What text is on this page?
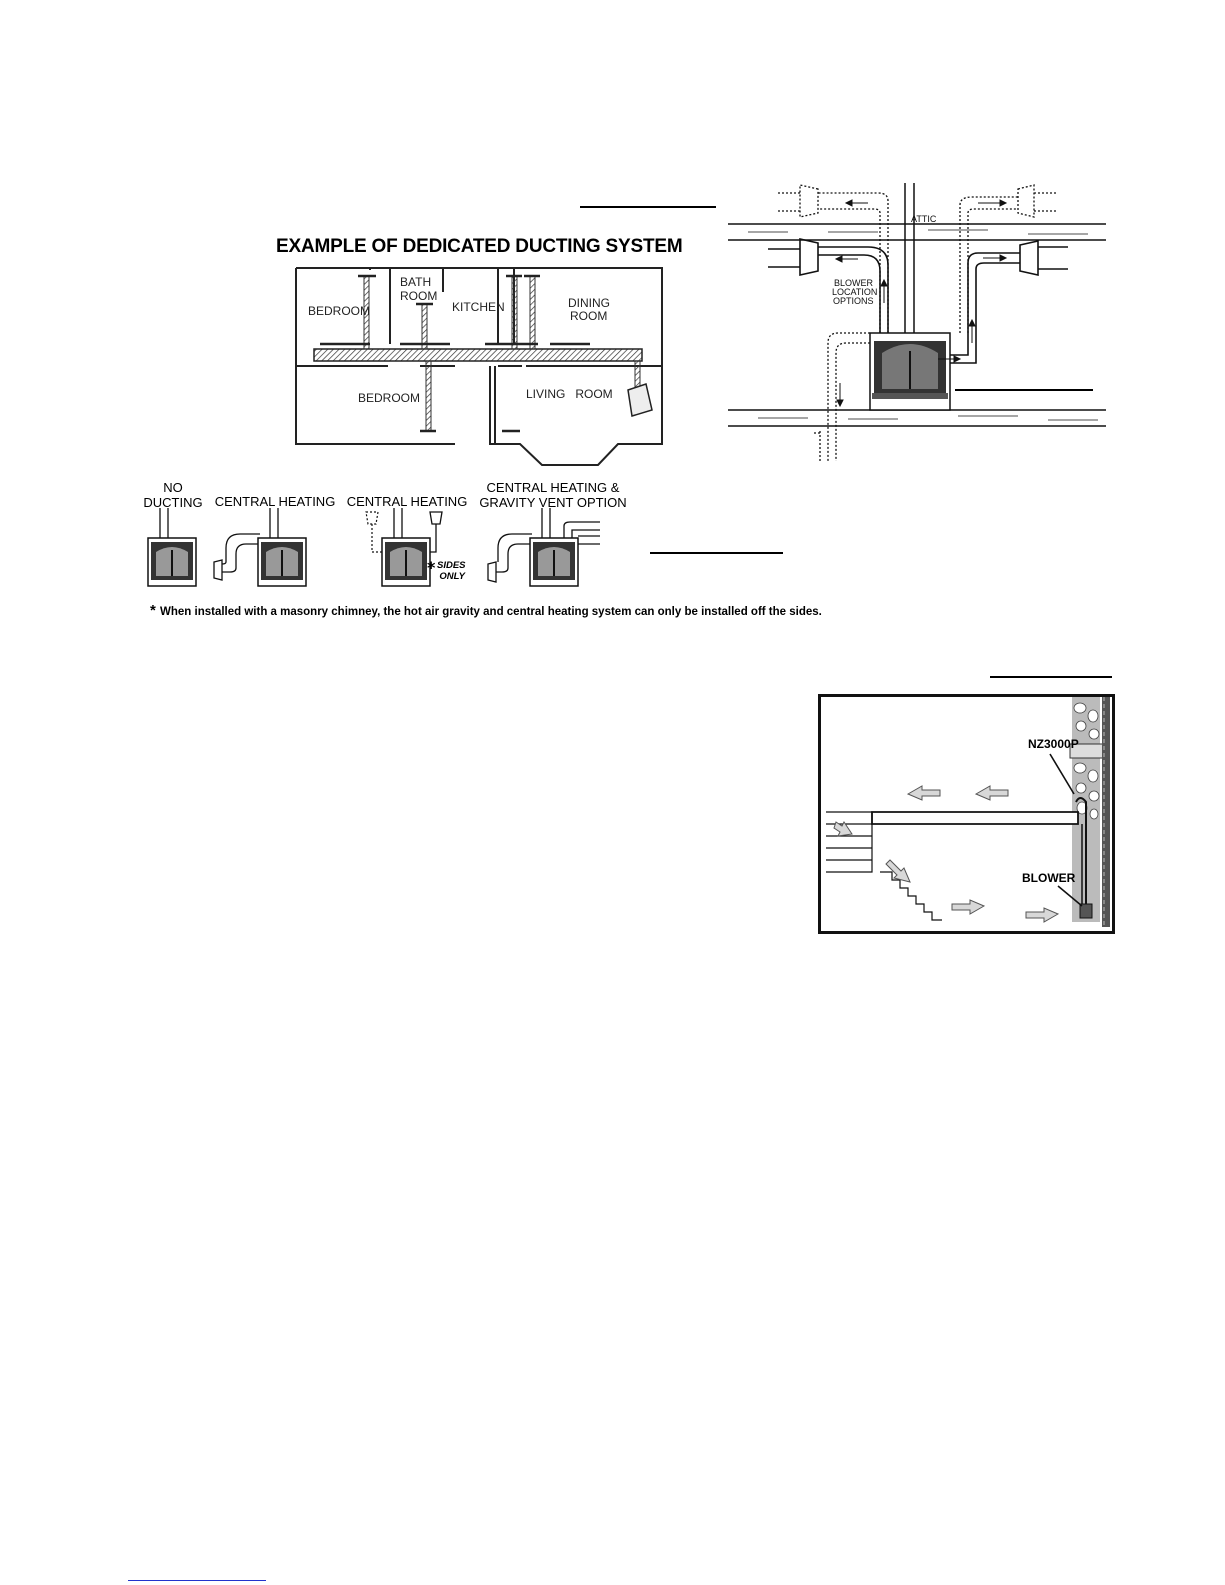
EXAMPLE OF DEDICATED DUCTING SYSTEM
BEDROOM
BATH
ROOM
KITCHEN	DINING
ROOM
BEDROOM	LIVING   ROOM
ATTIC
BLOWER
LOCATION
OPTIONS
NO
DUCTING CENTRAL HEATING CENTRAL HEATING
CENTRAL HEATING &
GRAVITY VENT OPTION
* SIDES
ONLY
* When installed with a masonry chimney, the hot air gravity and central heating system can only be installed off the sides.
NZ3000P
BLOWER
